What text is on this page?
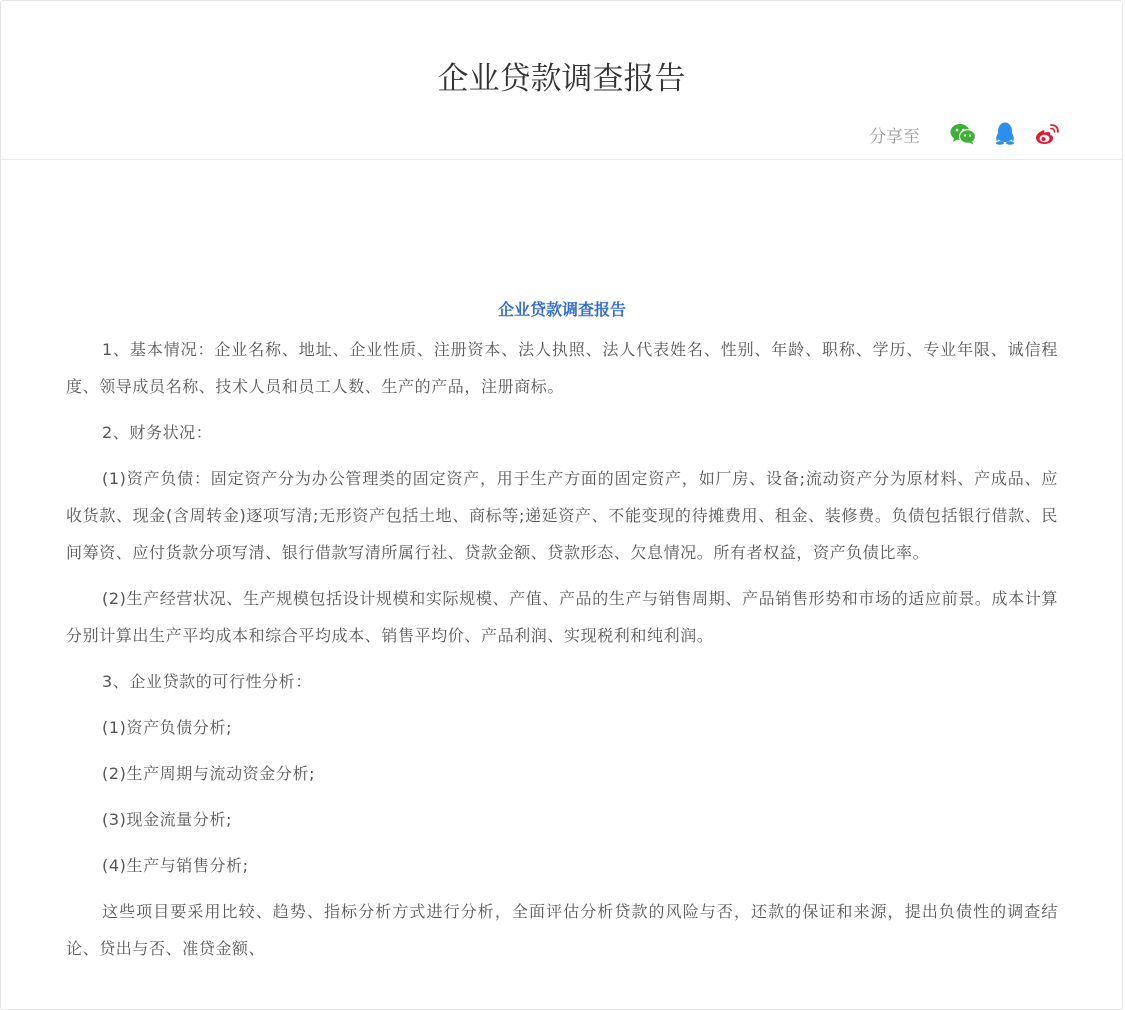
企业贷款调查报告
分享至
企业贷款调查报告

1、基本情况：企业名称、地址、企业性质、注册资本、法人执照、法人代表姓名、性别、年龄、职称、学历、专业年限、诚信程度、领导成员名称、技术人员和员工人数、生产的产品，注册商标。

2、财务状况：

(1)资产负债：固定资产分为办公管理类的固定资产，用于生产方面的固定资产，如厂房、设备;流动资产分为原材料、产成品、应收货款、现金(含周转金)逐项写清;无形资产包括土地、商标等;递延资产、不能变现的待摊费用、租金、装修费。负债包括银行借款、民间筹资、应付货款分项写清、银行借款写清所属行社、贷款金额、贷款形态、欠息情况。所有者权益，资产负债比率。

(2)生产经营状况、生产规模包括设计规模和实际规模、产值、产品的生产与销售周期、产品销售形势和市场的适应前景。成本计算分别计算出生产平均成本和综合平均成本、销售平均价、产品利润、实现税利和纯利润。

3、企业贷款的可行性分析：

(1)资产负债分析;

(2)生产周期与流动资金分析;

(3)现金流量分析;

(4)生产与销售分析;

这些项目要采用比较、趋势、指标分析方式进行分析，全面评估分析贷款的风险与否，还款的保证和来源，提出负债性的调查结论、贷出与否、准贷金额、
